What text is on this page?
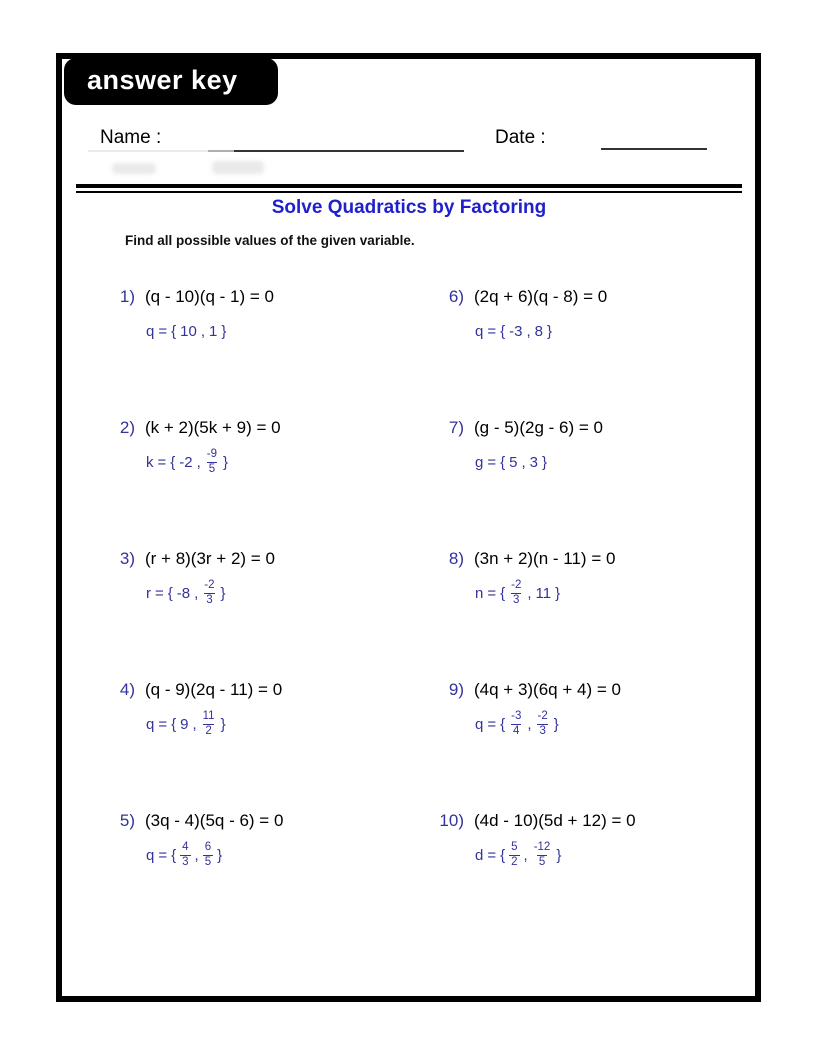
answer key
Name :	Date :
Solve Quadratics by Factoring
Find all possible values of the given variable.
1) (q - 10)(q - 1) = 0
q = { 10 , 1 }
2) (k + 2)(5k + 9) = 0
k = { -2 , $\frac{-9}{5}$ }
3) (r + 8)(3r + 2) = 0
r = { -8 , $\frac{-2}{3}$ }
4) (q - 9)(2q - 11) = 0
q = { 9 , $\frac{11}{2}$ }
5) (3q - 4)(5q - 6) = 0
q = { $\frac{4}{3}$ , $\frac{6}{5}$ }
6) (2q + 6)(q - 8) = 0
q = { -3 , 8 }
7) (g - 5)(2g - 6) = 0
g = { 5 , 3 }
8) (3n + 2)(n - 11) = 0
n = { $\frac{-2}{3}$ , 11 }
9) (4q + 3)(6q + 4) = 0
q = { $\frac{-3}{4}$ , $\frac{-2}{3}$ }
10) (4d - 10)(5d + 12) = 0
d = { $\frac{5}{2}$ , $\frac{-12}{5}$ }
